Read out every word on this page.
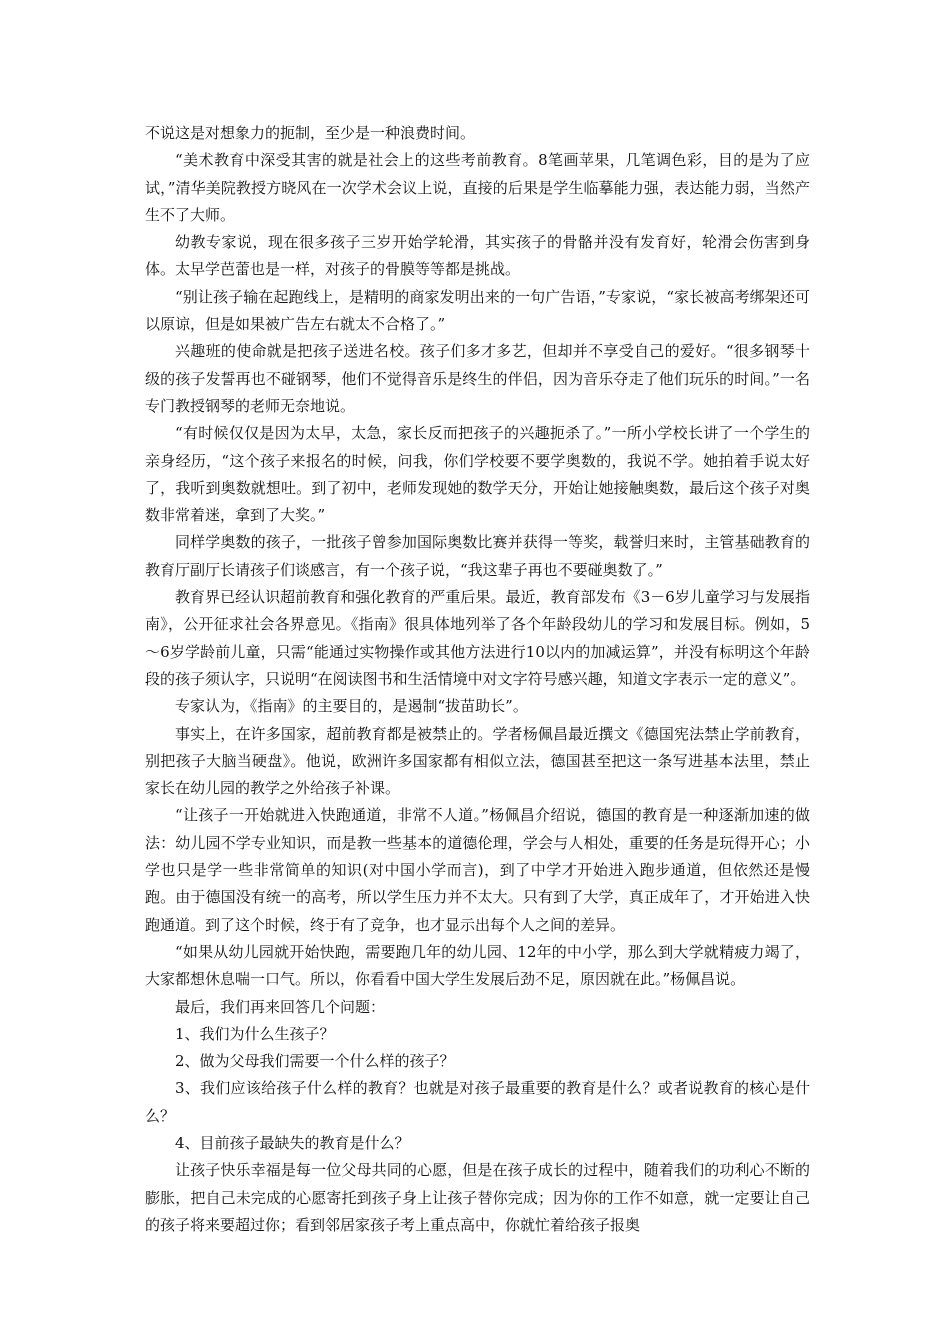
不说这是对想象力的扼制，至少是一种浪费时间。

“美术教育中深受其害的就是社会上的这些考前教育。8笔画苹果，几笔调色彩，目的是为了应试，”清华美院教授方晓风在一次学术会议上说，直接的后果是学生临摹能力强，表达能力弱，当然产生不了大师。

幼教专家说，现在很多孩子三岁开始学轮滑，其实孩子的骨骼并没有发育好，轮滑会伤害到身体。太早学芭蕾也是一样，对孩子的骨膜等等都是挑战。

“别让孩子输在起跑线上，是精明的商家发明出来的一句广告语，”专家说，“家长被高考绑架还可以原谅，但是如果被广告左右就太不合格了。”

兴趣班的使命就是把孩子送进名校。孩子们多才多艺，但却并不享受自己的爱好。“很多钢琴十级的孩子发誓再也不碰钢琴，他们不觉得音乐是终生的伴侣，因为音乐夺走了他们玩乐的时间。”一名专门教授钢琴的老师无奈地说。

“有时候仅仅是因为太早，太急，家长反而把孩子的兴趣扼杀了。”一所小学校长讲了一个学生的亲身经历，“这个孩子来报名的时候，问我，你们学校要不要学奥数的，我说不学。她拍着手说太好了，我听到奥数就想吐。到了初中，老师发现她的数学天分，开始让她接触奥数，最后这个孩子对奥数非常着迷，拿到了大奖。”

同样学奥数的孩子，一批孩子曾参加国际奥数比赛并获得一等奖，载誉归来时，主管基础教育的教育厅副厅长请孩子们谈感言，有一个孩子说，“我这辈子再也不要碰奥数了。”

教育界已经认识超前教育和强化教育的严重后果。最近，教育部发布《3－6岁儿童学习与发展指南》，公开征求社会各界意见。《指南》很具体地列举了各个年龄段幼儿的学习和发展目标。例如，5～6岁学龄前儿童，只需“能通过实物操作或其他方法进行10以内的加减运算”，并没有标明这个年龄段的孩子须认字，只说明“在阅读图书和生活情境中对文字符号感兴趣，知道文字表示一定的意义”。

专家认为，《指南》的主要目的，是遏制“拔苗助长”。

事实上，在许多国家，超前教育都是被禁止的。学者杨佩昌最近撰文《德国宪法禁止学前教育，别把孩子大脑当硬盘》。他说，欧洲许多国家都有相似立法，德国甚至把这一条写进基本法里，禁止家长在幼儿园的教学之外给孩子补课。

“让孩子一开始就进入快跑通道，非常不人道。”杨佩昌介绍说，德国的教育是一种逐渐加速的做法：幼儿园不学专业知识，而是教一些基本的道德伦理，学会与人相处，重要的任务是玩得开心；小学也只是学一些非常简单的知识(对中国小学而言)，到了中学才开始进入跑步通道，但依然还是慢跑。由于德国没有统一的高考，所以学生压力并不太大。只有到了大学，真正成年了，才开始进入快跑通道。到了这个时候，终于有了竞争，也才显示出每个人之间的差异。

“如果从幼儿园就开始快跑，需要跑几年的幼儿园、12年的中小学，那么到大学就精疲力竭了，大家都想休息喘一口气。所以，你看看中国大学生发展后劲不足，原因就在此。”杨佩昌说。

最后，我们再来回答几个问题：

1、我们为什么生孩子？

2、做为父母我们需要一个什么样的孩子？

3、我们应该给孩子什么样的教育？也就是对孩子最重要的教育是什么？或者说教育的核心是什么？

4、目前孩子最缺失的教育是什么？

让孩子快乐幸福是每一位父母共同的心愿，但是在孩子成长的过程中，随着我们的功利心不断的膨胀，把自己未完成的心愿寄托到孩子身上让孩子替你完成；因为你的工作不如意，就一定要让自己的孩子将来要超过你；看到邻居家孩子考上重点高中，你就忙着给孩子报奥
